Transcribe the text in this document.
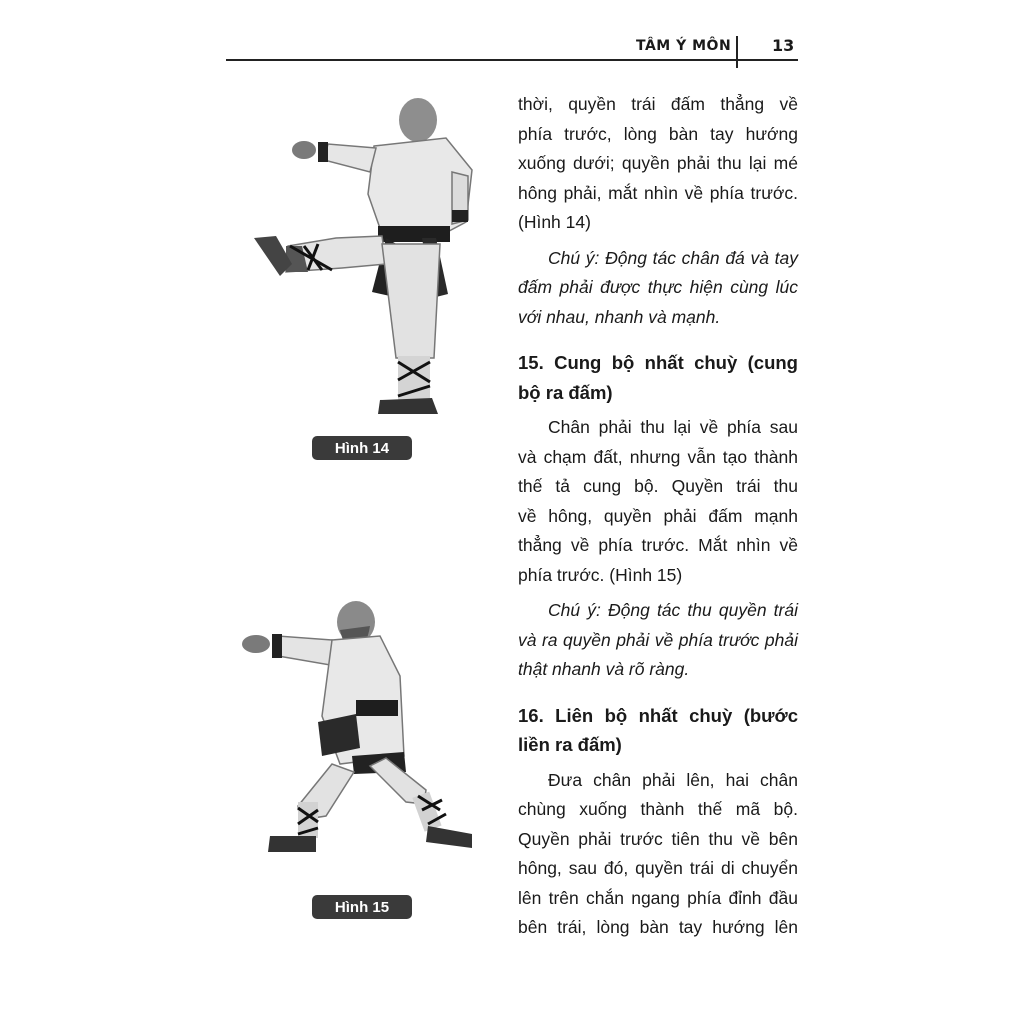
TÂM Ý MÔN	13
Hình 14
Hình 15
thời, quyền trái đấm thẳng về
phía trước, lòng bàn tay hướng
xuống dưới; quyền phải thu lại mé
hông phải, mắt nhìn về phía trước.
(Hình 14)
Chú ý: Động tác chân đá và tay
đấm phải được thực hiện cùng lúc
với nhau, nhanh và mạnh.
15. Cung bộ nhất chuỳ (cung
bộ ra đấm)
Chân phải thu lại về phía sau
và chạm đất, nhưng vẫn tạo thành
thế tả cung bộ. Quyền trái thu
về hông, quyền phải đấm mạnh
thẳng về phía trước. Mắt nhìn về
phía trước. (Hình 15)
Chú ý: Động tác thu quyền trái
và ra quyền phải về phía trước phải
thật nhanh và rõ ràng.
16. Liên bộ nhất chuỳ (bước
liền ra đấm)
Đưa chân phải lên, hai chân
chùng xuống thành thế mã bộ.
Quyền phải trước tiên thu về bên
hông, sau đó, quyền trái di chuyển
lên trên chắn ngang phía đỉnh đầu
bên trái, lòng bàn tay hướng lên
